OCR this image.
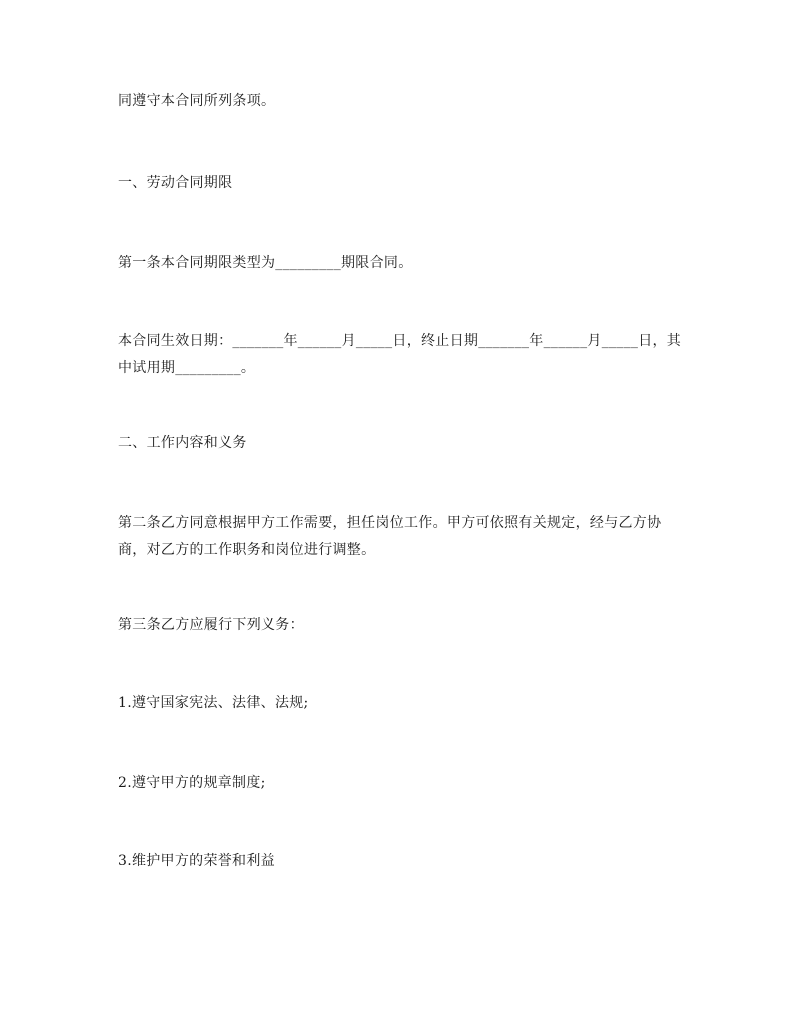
同遵守本合同所列条项。

一、劳动合同期限

第一条本合同期限类型为_________期限合同。

本合同生效日期：_______年______月_____日，终止日期_______年______月_____日，其中试用期_________。

二、工作内容和义务

第二条乙方同意根据甲方工作需要，担任岗位工作。甲方可依照有关规定，经与乙方协商，对乙方的工作职务和岗位进行调整。

第三条乙方应履行下列义务：

1.遵守国家宪法、法律、法规;

2.遵守甲方的规章制度;

3.维护甲方的荣誉和利益
